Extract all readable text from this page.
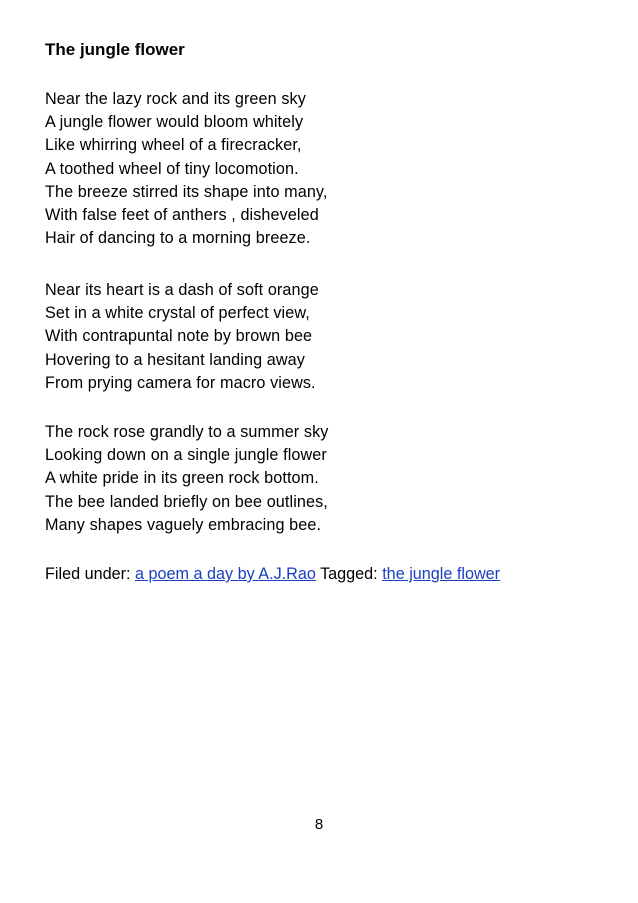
The jungle flower
Near the lazy rock and its green sky
A jungle flower would bloom whitely
Like whirring wheel of a firecracker,
A toothed wheel of tiny locomotion.
The breeze stirred its shape into many,
With false feet of anthers , disheveled
Hair of dancing to a morning breeze.
Near its heart is a dash of soft orange
Set in a white crystal of perfect view,
With contrapuntal note by brown bee
Hovering to a hesitant landing away
From prying camera for macro views.
The rock rose grandly to a summer sky
Looking down on a single jungle flower
A white pride in its green rock bottom.
The bee landed briefly on bee outlines,
Many shapes vaguely embracing bee.
Filed under: a poem a day by A.J.Rao Tagged: the jungle flower
8
